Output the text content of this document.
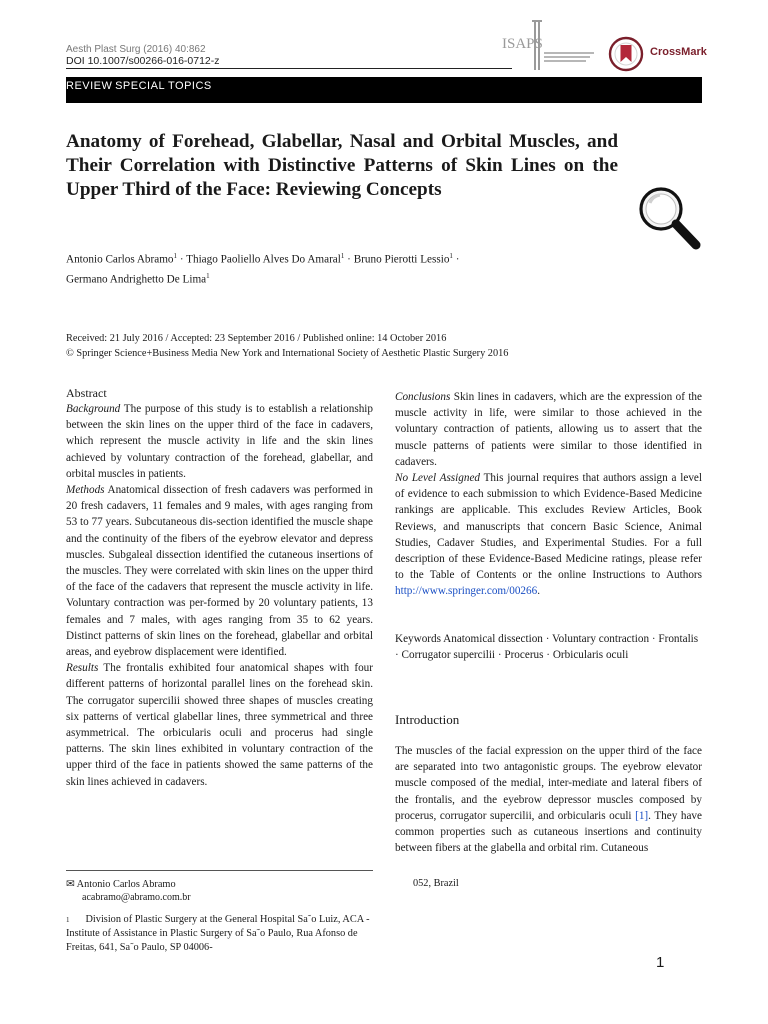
Aesth Plast Surg (2016) 40:862
DOI 10.1007/s00266-016-0712-z
ISAPS	CrossMark
REVIEW SPECIAL TOPICS
Anatomy of Forehead, Glabellar, Nasal and Orbital Muscles, and Their Correlation with Distinctive Patterns of Skin Lines on the Upper Third of the Face: Reviewing Concepts
Antonio Carlos Abramo$^1$ · Thiago Paoliello Alves Do Amaral$^1$ · Bruno Pierotti Lessio$^1$ ·
Germano Andrighetto De Lima$^1$
Received: 21 July 2016 / Accepted: 23 September 2016 / Published online: 14 October 2016
© Springer Science+Business Media New York and International Society of Aesthetic Plastic Surgery 2016
Abstract

Background The purpose of this study is to establish a relationship between the skin lines on the upper third of the face in cadavers, which represent the muscle activity in life and the skin lines achieved by voluntary contraction of the forehead, glabellar, and orbital muscles in patients.

Methods Anatomical dissection of fresh cadavers was performed in 20 fresh cadavers, 11 females and 9 males, with ages ranging from 53 to 77 years. Subcutaneous dis-section identified the muscle shape and the continuity of the fibers of the eyebrow elevator and depress muscles. Subgaleal dissection identified the cutaneous insertions of the muscles. They were correlated with skin lines on the upper third of the face of the cadavers that represent the muscle activity in life. Voluntary contraction was per-formed by 20 voluntary patients, 13 females and 7 males, with ages ranging from 35 to 62 years. Distinct patterns of skin lines on the forehead, glabellar and orbital areas, and eyebrow displacement were identified.

Results The frontalis exhibited four anatomical shapes with four different patterns of horizontal parallel lines on the forehead skin. The corrugator supercilii showed three shapes of muscles creating six patterns of vertical glabellar lines, three symmetrical and three asymmetrical. The orbicularis oculi and procerus had single patterns. The skin lines exhibited in voluntary contraction of the upper third of the face in patients showed the same patterns of the skin lines achieved in cadavers.

Conclusions Skin lines in cadavers, which are the expression of the muscle activity in life, were similar to those achieved in the voluntary contraction of patients, allowing us to assert that the muscle patterns of patients were similar to those identified in cadavers.

No Level Assigned This journal requires that authors assign a level of evidence to each submission to which Evidence-Based Medicine rankings are applicable. This excludes Review Articles, Book Reviews, and manuscripts that concern Basic Science, Animal Studies, Cadaver Studies, and Experimental Studies. For a full description of these Evidence-Based Medicine ratings, please refer to the Table of Contents or the online Instructions to Authors http://www.springer.com/00266.

Keywords Anatomical dissection · Voluntary contraction · Frontalis · Corrugator supercilii · Procerus · Orbicularis oculi
Introduction
The muscles of the facial expression on the upper third of the face are separated into two antagonistic groups. The eyebrow elevator muscle composed of the medial, inter-mediate and lateral fibers of the frontalis, and the eyebrow depressor muscles composed by procerus, corrugator supercilii, and orbicularis oculi [1]. They have common properties such as cutaneous insertions and continuity between fibers at the glabella and orbital rim. Cutaneous
✉ Antonio Carlos Abramo
acabramo@abramo.com.br
$^1$ Division of Plastic Surgery at the General Hospital Sa˜o Luiz, ACA - Institute of Assistance in Plastic Surgery of Sa˜o Paulo, Rua Afonso de Freitas, 641, Sa˜o Paulo, SP 04006-
052, Brazil
1
